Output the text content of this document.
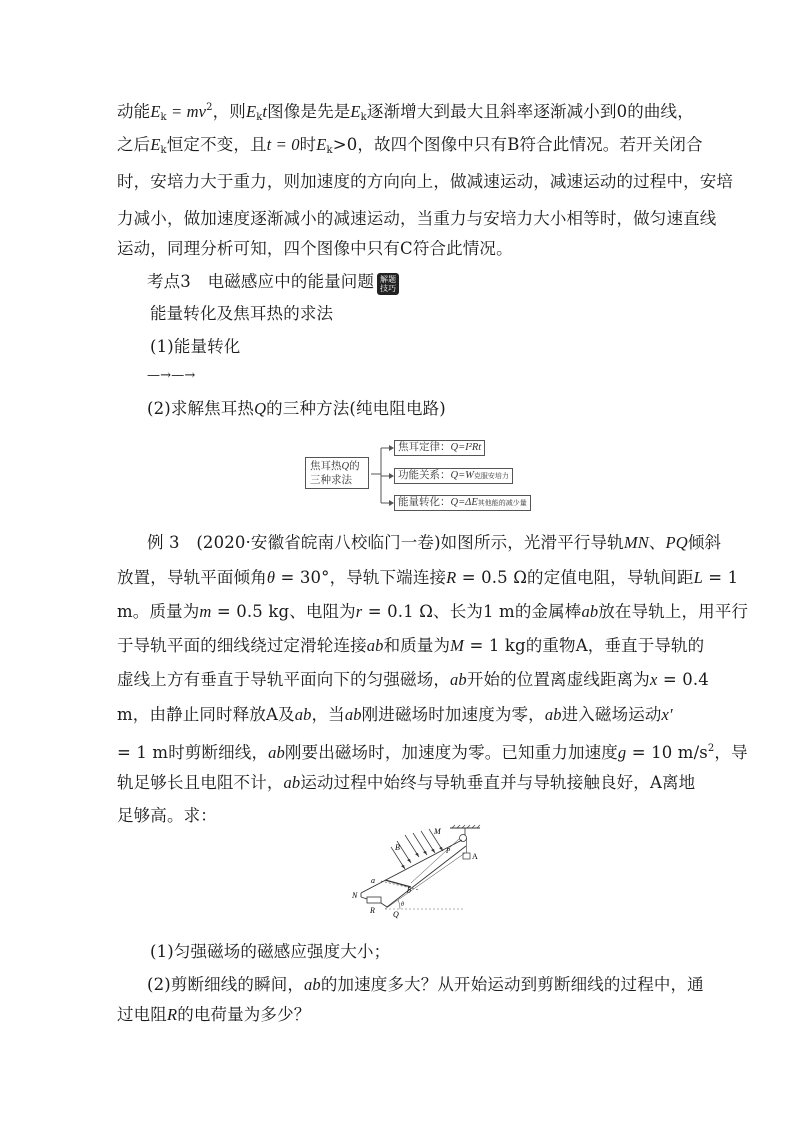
动能$E_k = mv^2$，则$E_kt$图像是先是$E_k$逐渐增大到最大且斜率逐渐减小到0的曲线，
之后$E_k$恒定不变，且t = 0时$E_k>0$，故四个图像中只有B符合此情况。若开关闭合
时，安培力大于重力，则加速度的方向向上，做减速运动，减速运动的过程中，安培
力减小，做加速度逐渐减小的减速运动，当重力与安培力大小相等时，做匀速直线
运动，同理分析可知，四个图像中只有C符合此情况。
考点3　电磁感应中的能量问题 解题
技巧
能量转化及焦耳热的求法
(1)能量转化
—→—→
(2)求解焦耳热Q的三种方法(纯电阻电路)
焦耳热Q的
三种求法
焦耳定律：Q=I²Rt
功能关系：Q=W克服安培力
能量转化：Q=ΔE其他能的减少量
例 3　(2020·安徽省皖南八校临门一卷)如图所示，光滑平行导轨MN、PQ倾斜
放置，导轨平面倾角θ = 30°，导轨下端连接R = 0.5 Ω的定值电阻，导轨间距L = 1
m。质量为m = 0.5 kg、电阻为r = 0.1 Ω、长为1 m的金属棒ab放在导轨上，用平行
于导轨平面的细线绕过定滑轮连接ab和质量为M = 1 kg的重物A，垂直于导轨的
虚线上方有垂直于导轨平面向下的匀强磁场，ab开始的位置离虚线距离为x = 0.4
m，由静止同时释放A及ab，当ab刚进磁场时加速度为零，ab进入磁场运动x′
= 1 m时剪断细线，ab刚要出磁场时，加速度为零。已知重力加速度g = 10 $m/s^2$，导
轨足够长且电阻不计，ab运动过程中始终与导轨垂直并与导轨接触良好，A离地
足够高。求：
M
B	P
A
a
b
N
R Q
θ
(1)匀强磁场的磁感应强度大小；
(2)剪断细线的瞬间，ab的加速度多大？从开始运动到剪断细线的过程中，通
过电阻R的电荷量为多少？
